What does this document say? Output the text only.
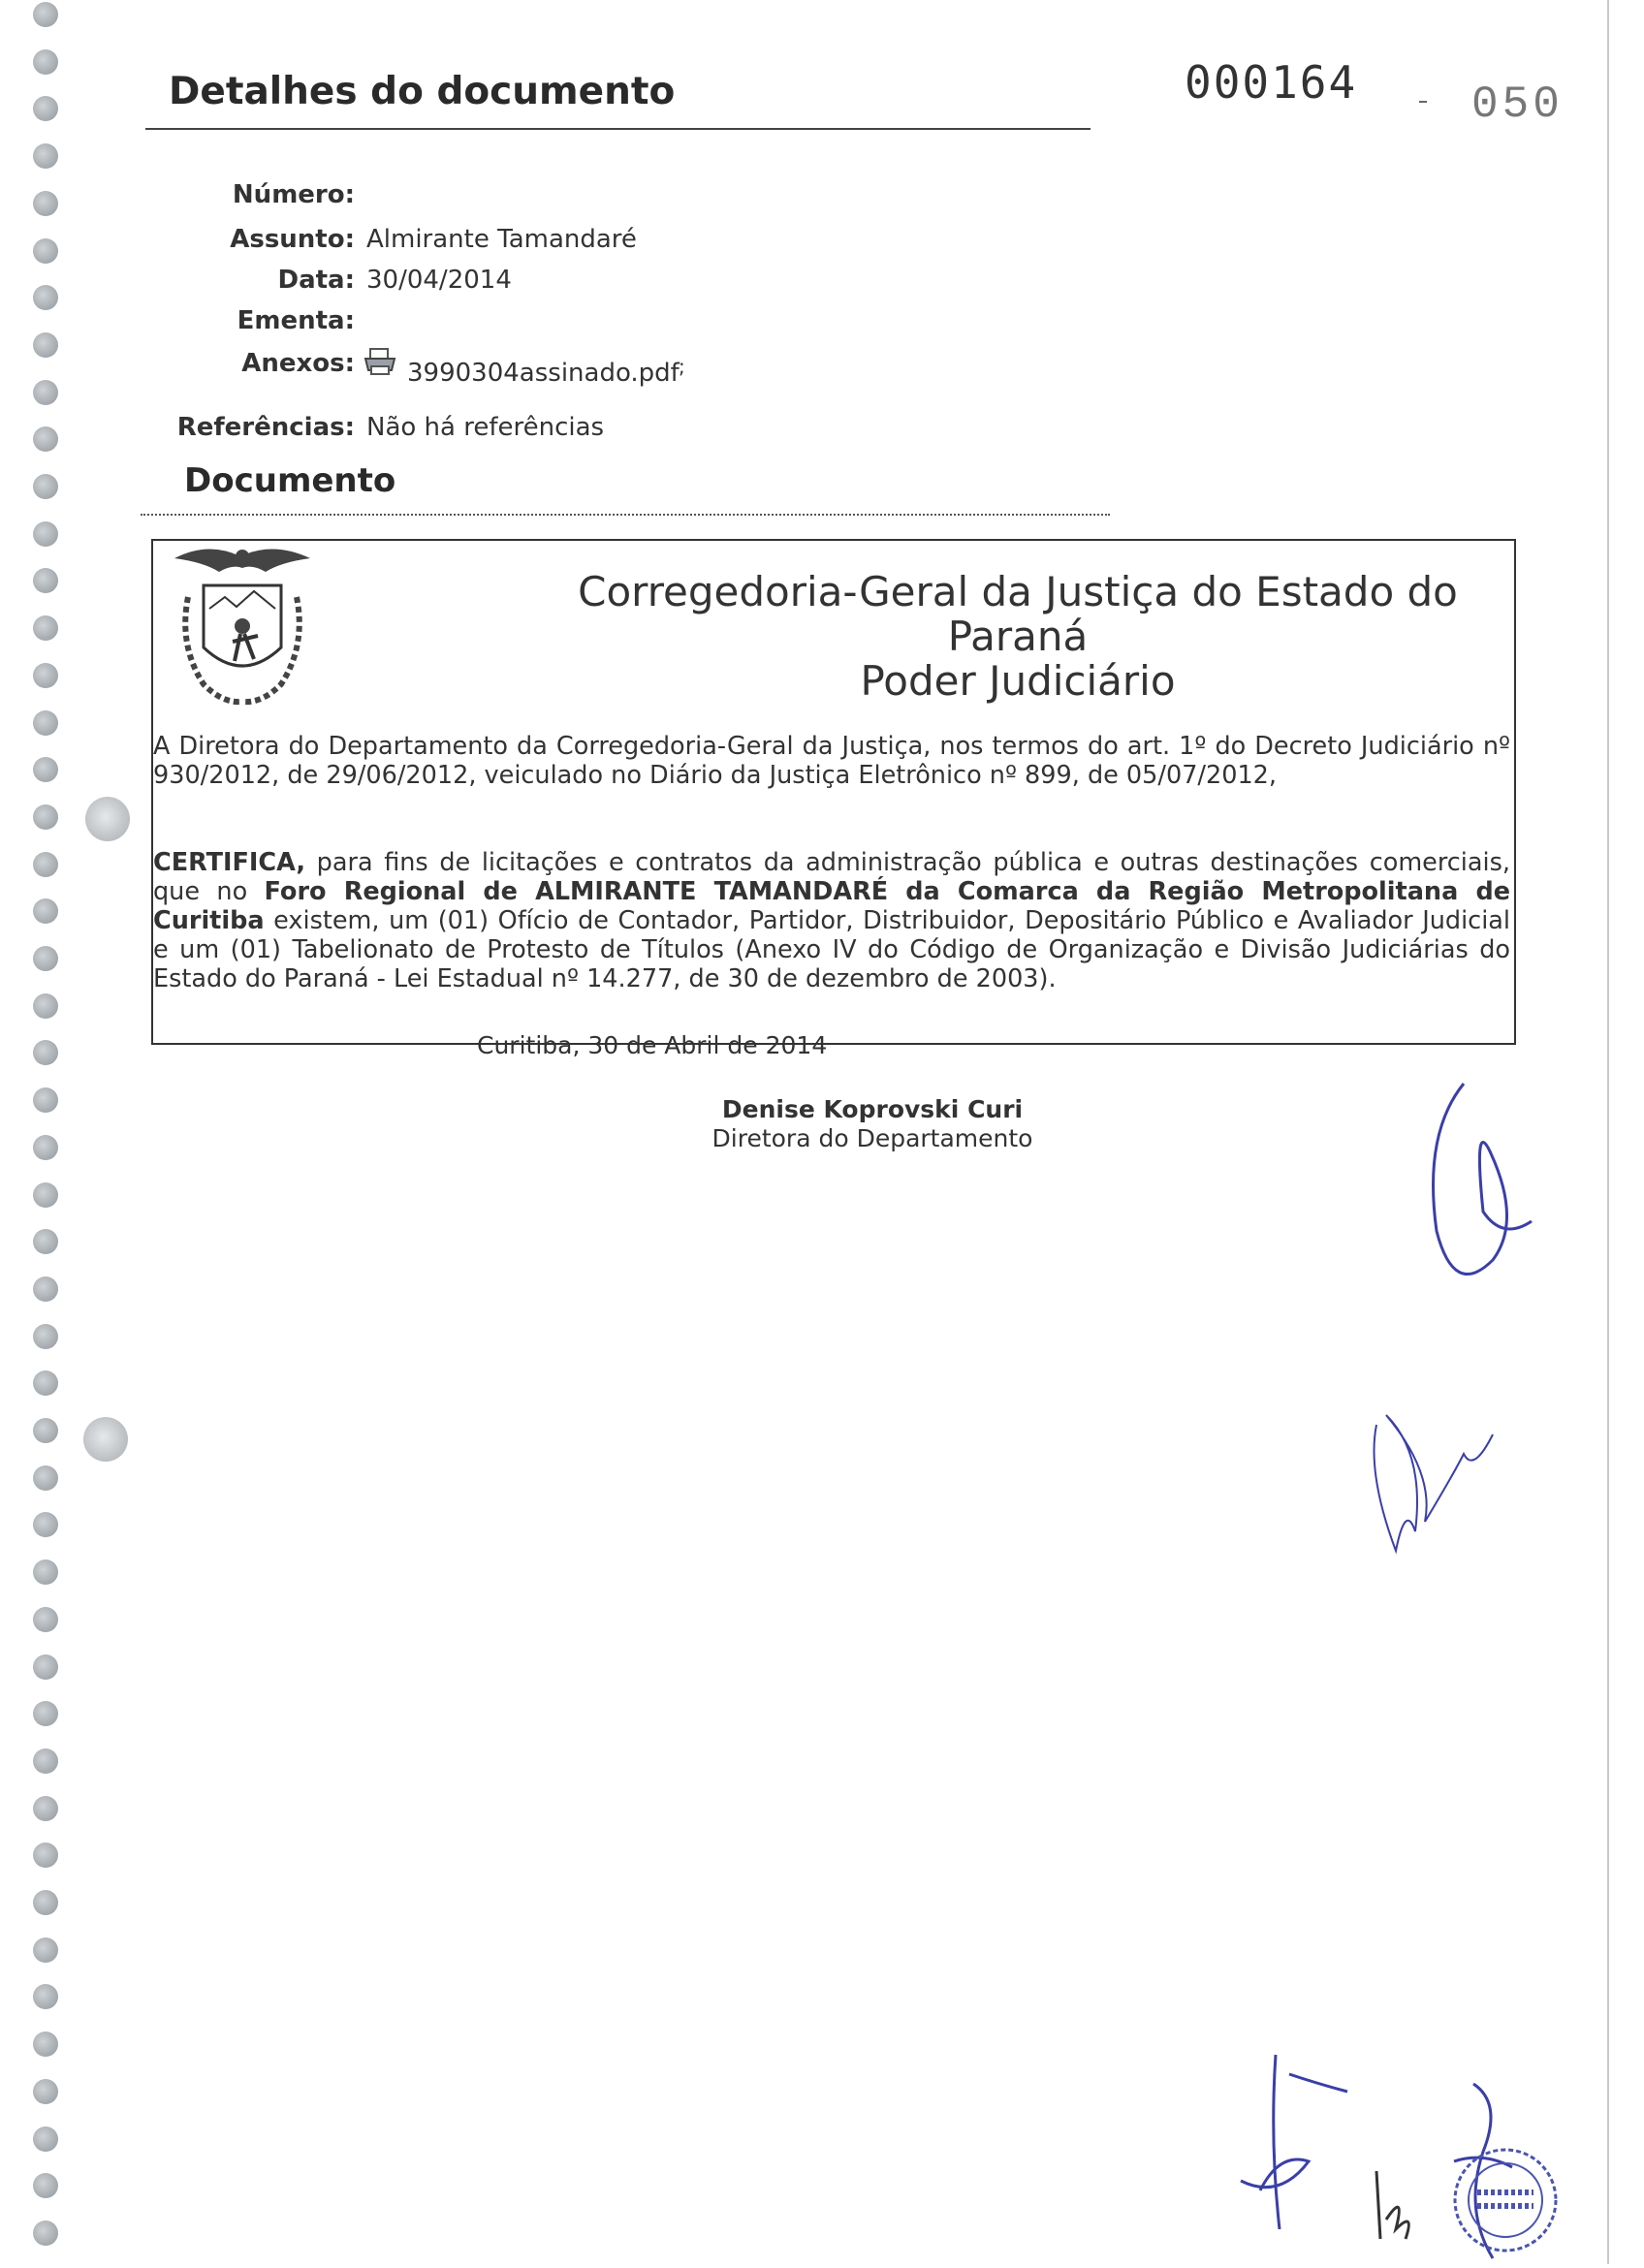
Detalhes do documento	000164	050
Número:
Assunto: Almirante Tamandaré
Data: 30/04/2014
Ementa:
Anexos: 3990304assinado.pdf ;
Referências: Não há referências
Documento
Corregedoria-Geral da Justiça do Estado do
Paraná
Poder Judiciário
A Diretora do Departamento da Corregedoria-Geral da Justiça, nos termos do art. 1º do Decreto Judiciário nº 930/2012, de 29/06/2012, veiculado no Diário da Justiça Eletrônico nº 899, de 05/07/2012,
CERTIFICA, para fins de licitações e contratos da administração pública e outras destinações comerciais, que no Foro Regional de ALMIRANTE TAMANDARÉ da Comarca da Região Metropolitana de Curitiba existem, um (01) Ofício de Contador, Partidor, Distribuidor, Depositário Público e Avaliador Judicial e um (01) Tabelionato de Protesto de Títulos (Anexo IV do Código de Organização e Divisão Judiciárias do Estado do Paraná - Lei Estadual nº 14.277, de 30 de dezembro de 2003).
Curitiba, 30 de Abril de 2014
Denise Koprovski Curi
Diretora do Departamento
